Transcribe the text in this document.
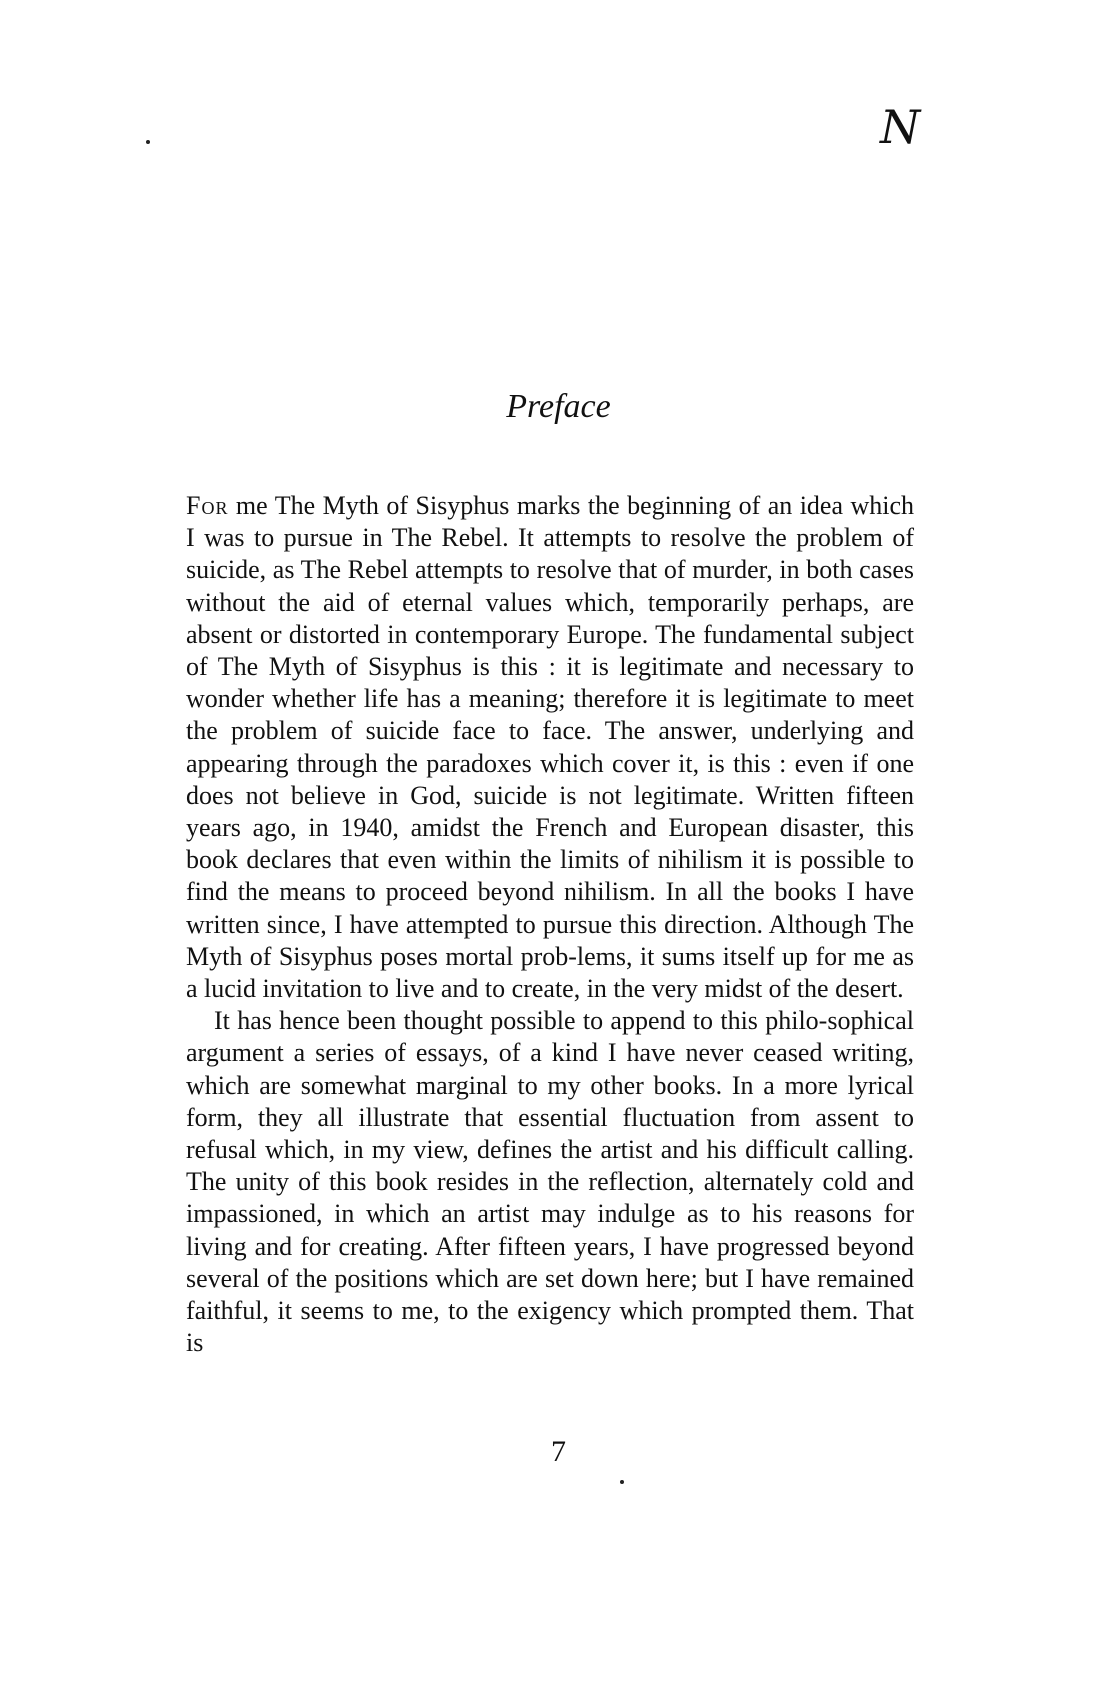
N
Preface

For me The Myth of Sisyphus marks the beginning of an idea which I was to pursue in The Rebel. It attempts to resolve the problem of suicide, as The Rebel attempts to resolve that of murder, in both cases without the aid of eternal values which, temporarily perhaps, are absent or distorted in contemporary Europe. The fundamental subject of The Myth of Sisyphus is this : it is legitimate and necessary to wonder whether life has a meaning; therefore it is legitimate to meet the problem of suicide face to face. The answer, underlying and appearing through the paradoxes which cover it, is this : even if one does not believe in God, suicide is not legitimate. Written fifteen years ago, in 1940, amidst the French and European disaster, this book declares that even within the limits of nihilism it is possible to find the means to proceed beyond nihilism. In all the books I have written since, I have attempted to pursue this direction. Although The Myth of Sisyphus poses mortal prob-lems, it sums itself up for me as a lucid invitation to live and to create, in the very midst of the desert.

It has hence been thought possible to append to this philo-sophical argument a series of essays, of a kind I have never ceased writing, which are somewhat marginal to my other books. In a more lyrical form, they all illustrate that essential fluctuation from assent to refusal which, in my view, defines the artist and his difficult calling. The unity of this book resides in the reflection, alternately cold and impassioned, in which an artist may indulge as to his reasons for living and for creating. After fifteen years, I have progressed beyond several of the positions which are set down here; but I have remained faithful, it seems to me, to the exigency which prompted them. That is

7
